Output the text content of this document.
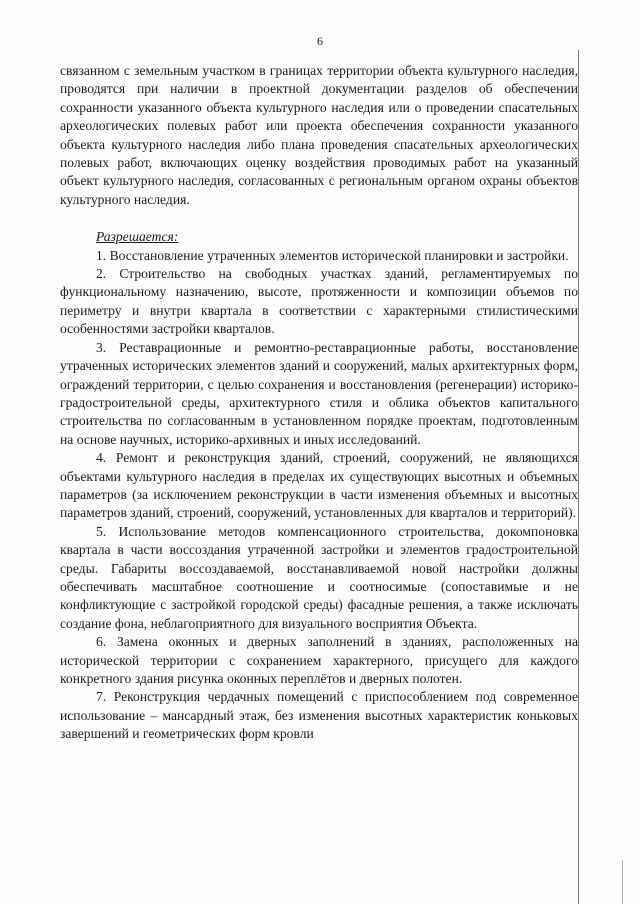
6

связанном с земельным участком в границах территории объекта культурного наследия, проводятся при наличии в проектной документации разделов об обеспечении сохранности указанного объекта культурного наследия или о проведении спасательных археологических полевых работ или проекта обеспечения сохранности указанного объекта культурного наследия либо плана проведения спасательных археологических полевых работ, включающих оценку воздействия проводимых работ на указанный объект культурного наследия, согласованных с региональным органом охраны объектов культурного наследия.

Разрешается:

1. Восстановление утраченных элементов исторической планировки и застройки.

2. Строительство на свободных участках зданий, регламентируемых по функциональному назначению, высоте, протяженности и композиции объемов по периметру и внутри квартала в соответствии с характерными стилистическими особенностями застройки кварталов.

3. Реставрационные и ремонтно-реставрационные работы, восстановление утраченных исторических элементов зданий и сооружений, малых архитектурных форм, ограждений территории, с целью сохранения и восстановления (регенерации) историко-градостроительной среды, архитектурного стиля и облика объектов капитального строительства по согласованным в установленном порядке проектам, подготовленным на основе научных, историко-архивных и иных исследований.

4. Ремонт и реконструкция зданий, строений, сооружений, не являющихся объектами культурного наследия в пределах их существующих высотных и объемных параметров (за исключением реконструкции в части изменения объемных и высотных параметров зданий, строений, сооружений, установленных для кварталов и территорий).

5. Использование методов компенсационного строительства, докомпоновка квартала в части воссоздания утраченной застройки и элементов градостроительной среды. Габариты воссоздаваемой, восстанавливаемой новой настройки должны обеспечивать масштабное соотношение и соотносимые (сопоставимые и не конфликтующие с застройкой городской среды) фасадные решения, а также исключать создание фона, неблагоприятного для визуального восприятия Объекта.

6. Замена оконных и дверных заполнений в зданиях, расположенных на исторической территории с сохранением характерного, присущего для каждого конкретного здания рисунка оконных переплётов и дверных полотен.

7. Реконструкция чердачных помещений с приспособлением под современное использование – мансардный этаж, без изменения высотных характеристик коньковых завершений и геометрических форм кровли
